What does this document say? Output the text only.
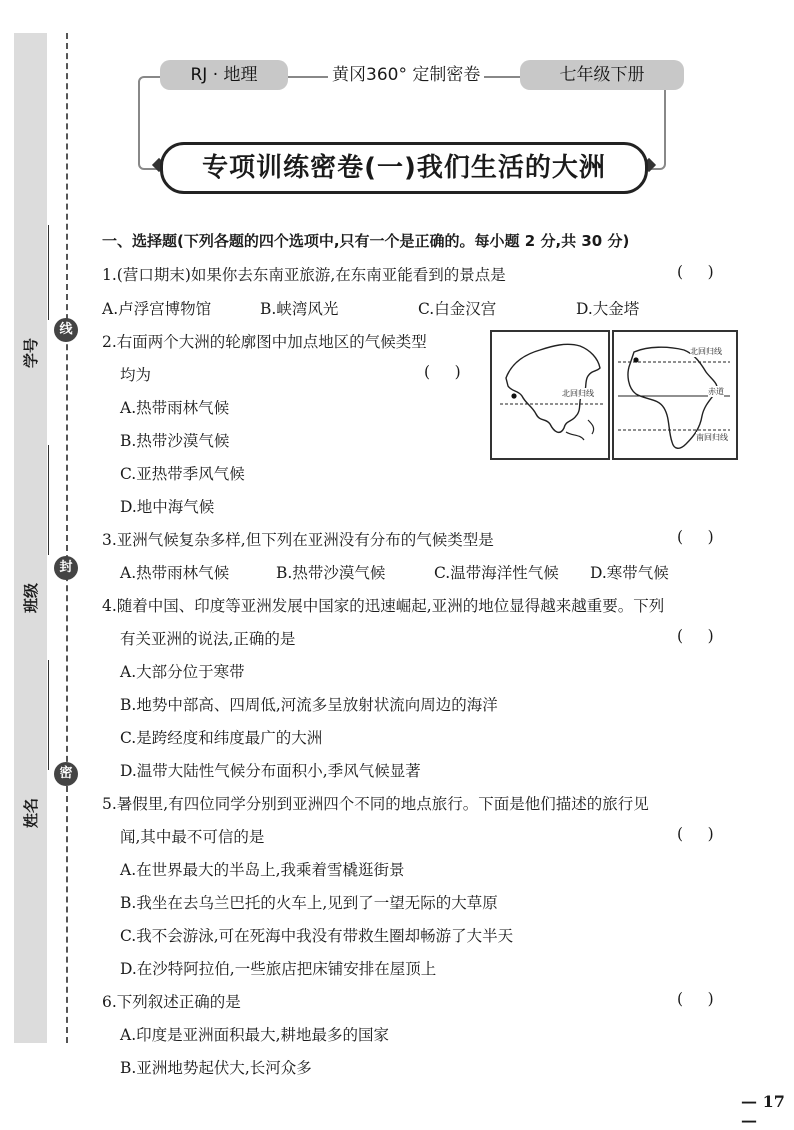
学号
班级
姓名
线
封
密
RJ · 地理	黄冈360° 定制密卷	七年级下册
专项训练密卷(一)我们生活的大洲
一、选择题(下列各题的四个选项中,只有一个是正确的。每小题 2 分,共 30 分)
1.(营口期末)如果你去东南亚旅游,在东南亚能看到的景点是	(     )
A.卢浮宫博物馆	B.峡湾风光	C.白金汉宫	D.大金塔
2.右面两个大洲的轮廓图中加点地区的气候类型
均为	(     )
A.热带雨林气候
B.热带沙漠气候
C.亚热带季风气候
D.地中海气候
3.亚洲气候复杂多样,但下列在亚洲没有分布的气候类型是	(     )
A.热带雨林气候	B.热带沙漠气候	C.温带海洋性气候 D.寒带气候
4.随着中国、印度等亚洲发展中国家的迅速崛起,亚洲的地位显得越来越重要。下列
有关亚洲的说法,正确的是	(     )
A.大部分位于寒带
B.地势中部高、四周低,河流多呈放射状流向周边的海洋
C.是跨经度和纬度最广的大洲
D.温带大陆性气候分布面积小,季风气候显著
5.暑假里,有四位同学分别到亚洲四个不同的地点旅行。下面是他们描述的旅行见
闻,其中最不可信的是	(     )
A.在世界最大的半岛上,我乘着雪橇逛街景
B.我坐在去乌兰巴托的火车上,见到了一望无际的大草原
C.我不会游泳,可在死海中我没有带救生圈却畅游了大半天
D.在沙特阿拉伯,一些旅店把床铺安排在屋顶上
6.下列叙述正确的是	(     )
A.印度是亚洲面积最大,耕地最多的国家
B.亚洲地势起伏大,长河众多
北回归线
北回归线
赤道
南回归线
— 17 —
